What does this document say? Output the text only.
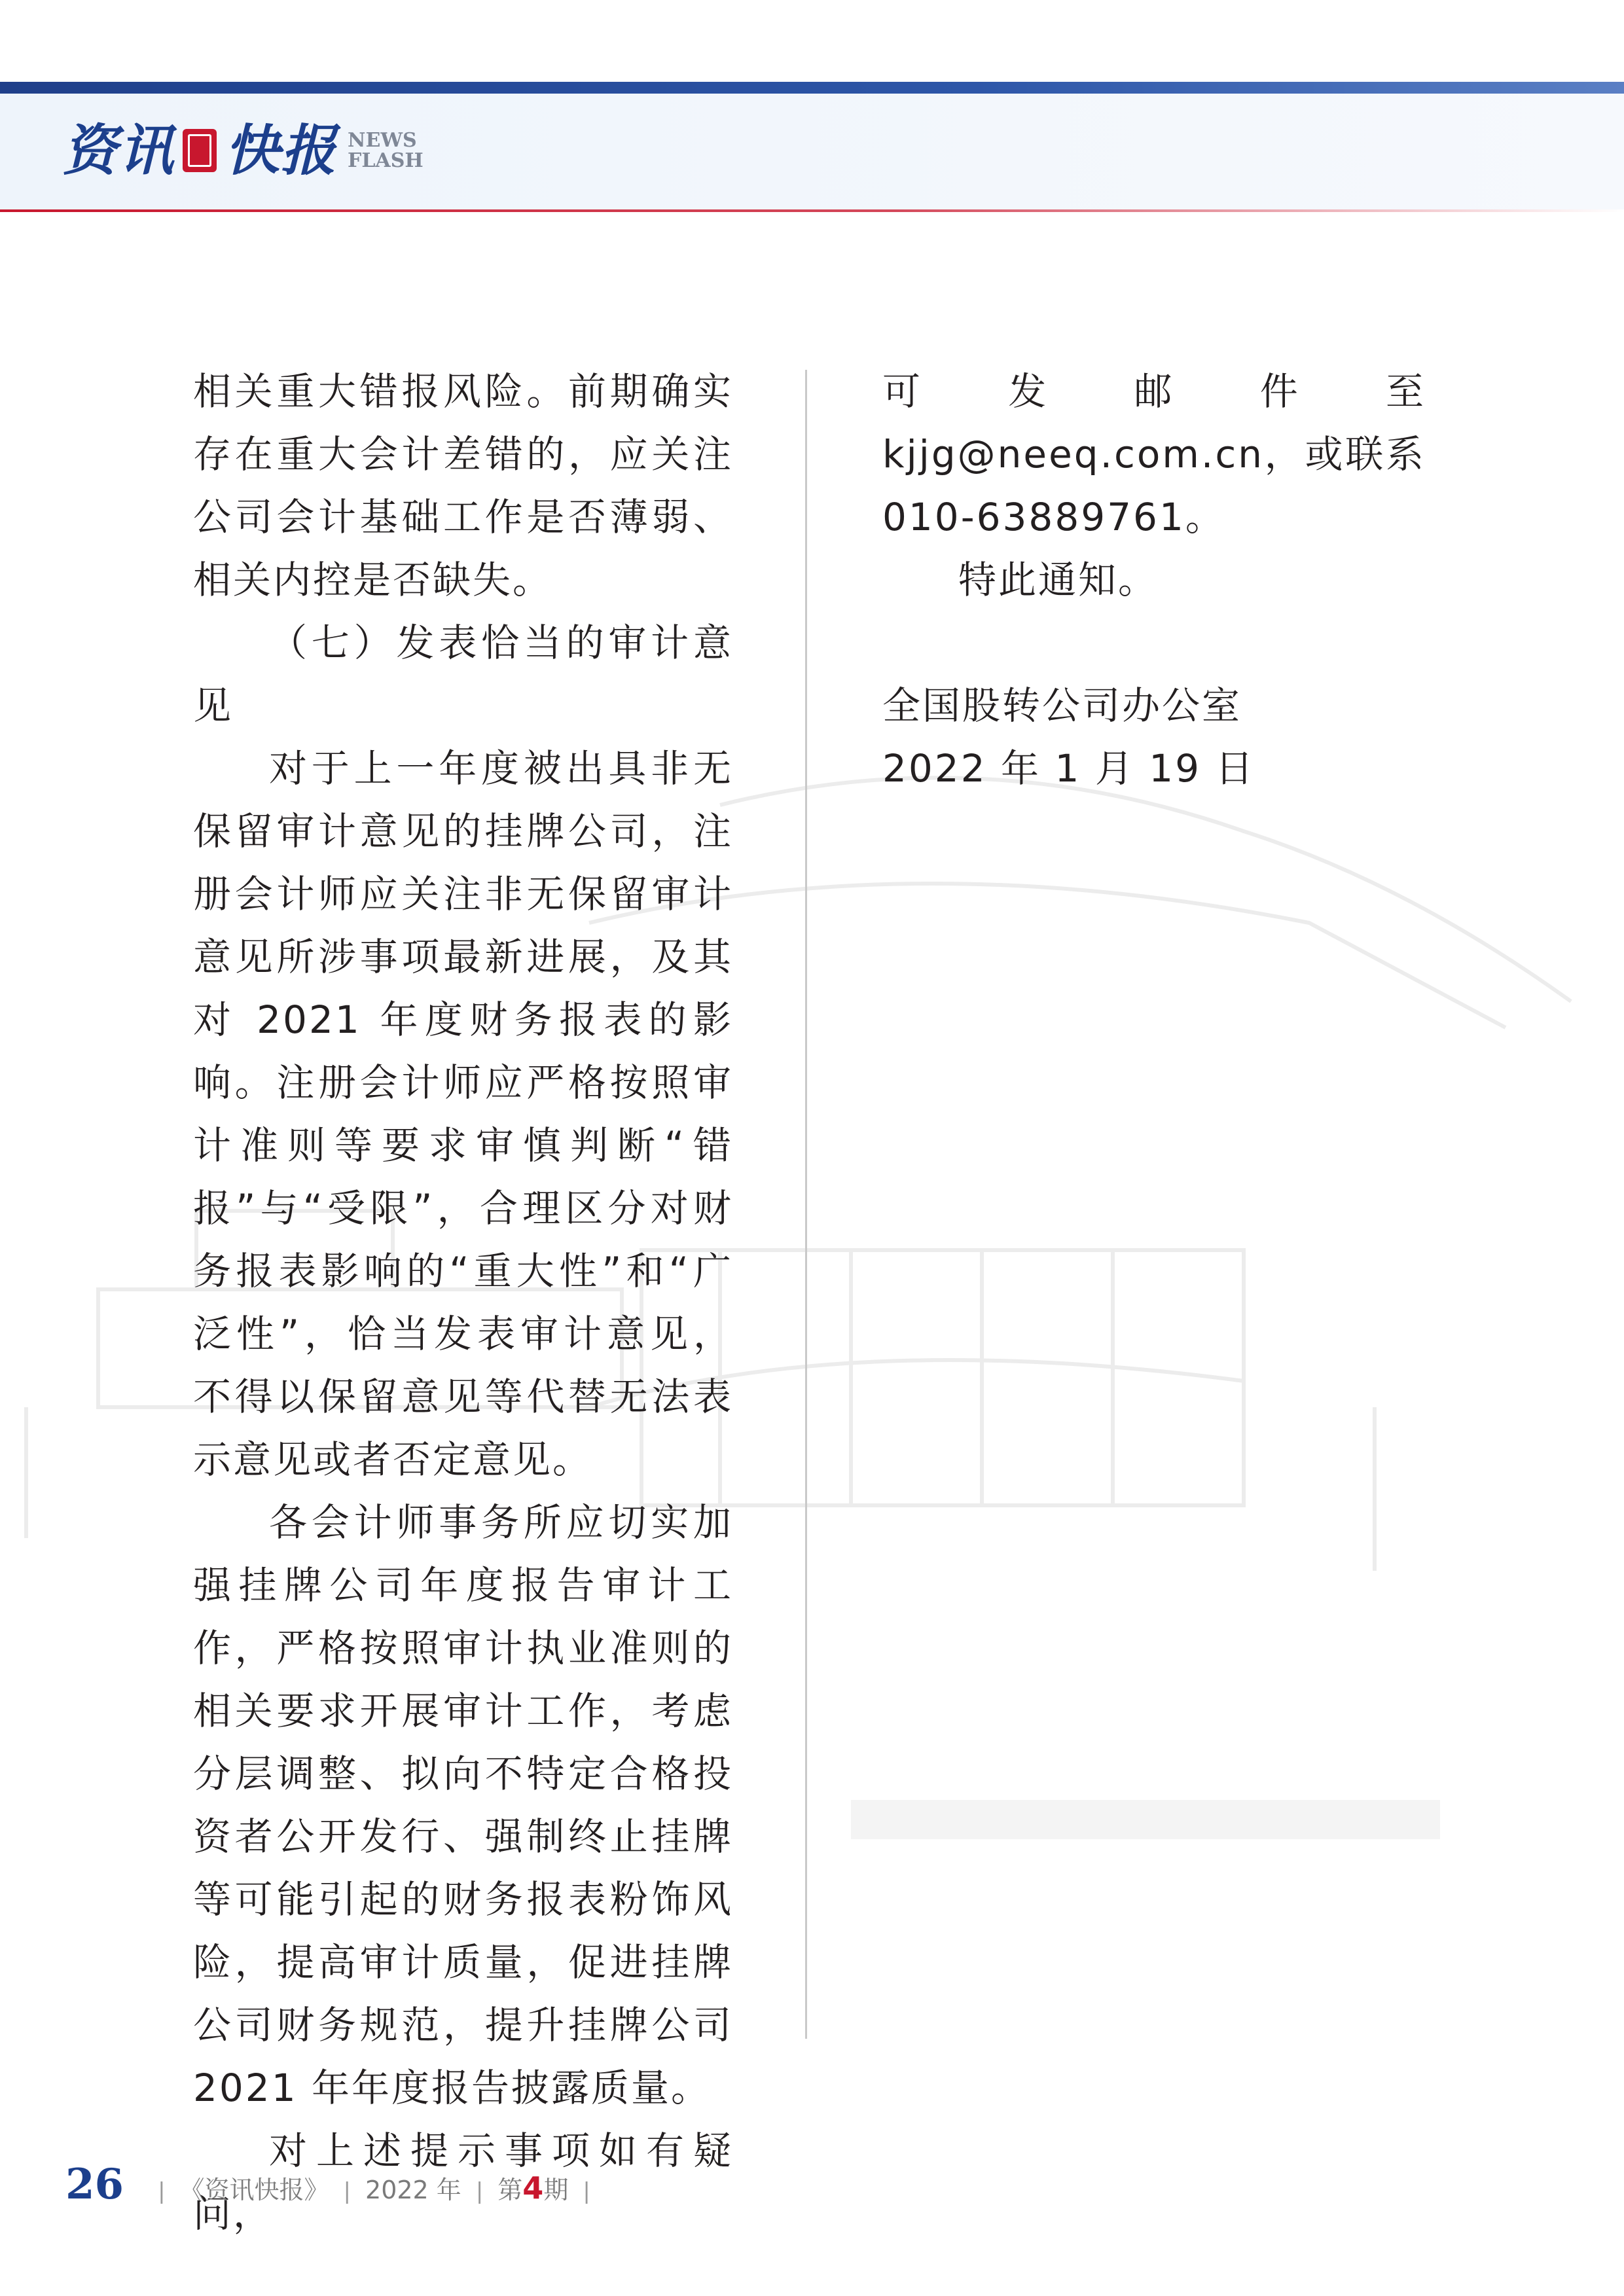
资讯 快报 NEWS
FLASH

相关重大错报风险。前期确实存在重大会计差错的，应关注公司会计基础工作是否薄弱、相关内控是否缺失。

（七）发表恰当的审计意见

对于上一年度被出具非无保留审计意见的挂牌公司，注册会计师应关注非无保留审计意见所涉事项最新进展，及其对 2021 年度财务报表的影响。注册会计师应严格按照审计准则等要求审慎判断“错报”与“受限”，合理区分对财务报表影响的“重大性”和“广泛性”，恰当发表审计意见，不得以保留意见等代替无法表示意见或者否定意见。

各会计师事务所应切实加强挂牌公司年度报告审计工作，严格按照审计执业准则的相关要求开展审计工作，考虑分层调整、拟向不特定合格投资者公开发行、强制终止挂牌等可能引起的财务报表粉饰风险，提高审计质量，促进挂牌公司财务规范，提升挂牌公司 2021 年年度报告披露质量。

对上述提示事项如有疑问，

可发邮件至 kjjg@neeq.com.cn，或联系 010-63889761。

特此通知。

全国股转公司办公室

2022 年 1 月 19 日

26 | 《资讯快报》 | 2022 年 | 第 4 期 |
